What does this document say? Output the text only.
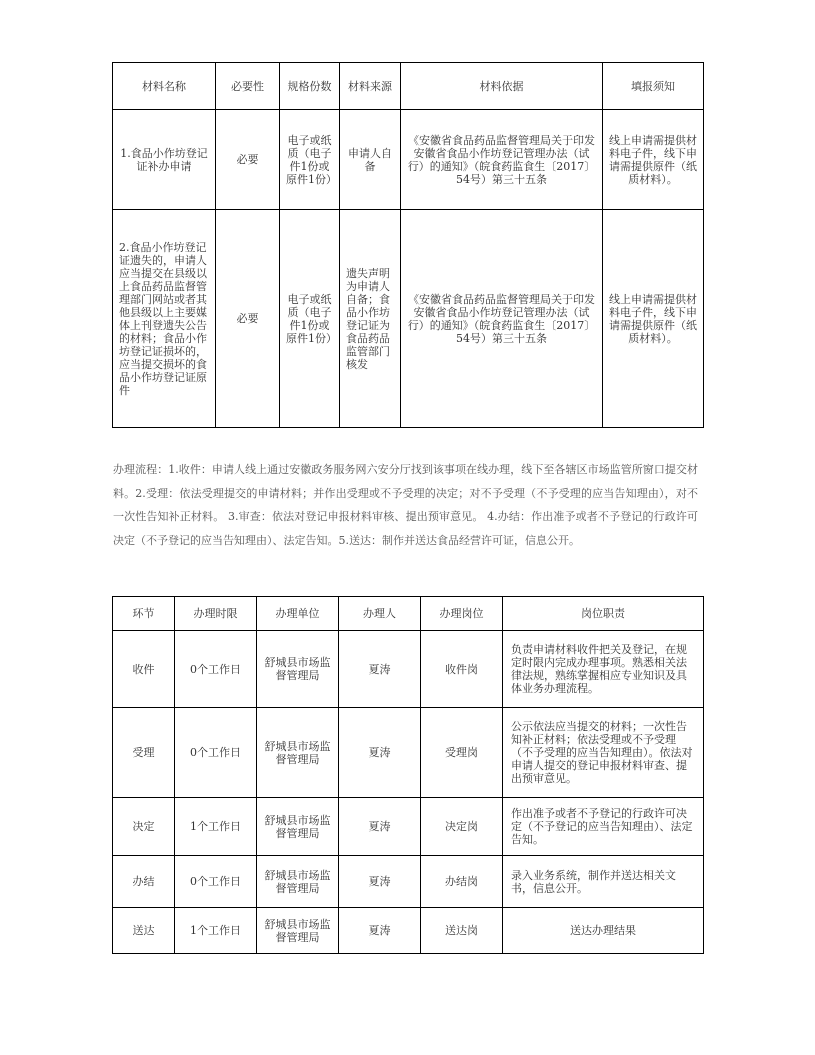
材料名称	必要性	规格份数	材料来源	材料依据	填报须知
1.食品小作坊登记证补办申请	必要	电子或纸质（电子件1份或原件1份）	申请人自备	《安徽省食品药品监督管理局关于印发安徽省食品小作坊登记管理办法（试行）的通知》（皖食药监食生〔2017〕54号）第三十五条	线上申请需提供材料电子件，线下申请需提供原件（纸质材料）。
2.食品小作坊登记证遗失的，申请人应当提交在县级以上食品药品监督管理部门网站或者其他县级以上主要媒体上刊登遗失公告的材料；食品小作坊登记证损坏的，应当提交损坏的食品小作坊登记证原件	必要	电子或纸质（电子件1份或原件1份）	遗失声明为申请人自备；食品小作坊登记证为食品药品监管部门核发	《安徽省食品药品监督管理局关于印发安徽省食品小作坊登记管理办法（试行）的通知》（皖食药监食生〔2017〕54号）第三十五条	线上申请需提供材料电子件，线下申请需提供原件（纸质材料）。

办理流程：1.收件：申请人线上通过安徽政务服务网六安分厅找到该事项在线办理，线下至各辖区市场监管所窗口提交材料。2.受理：依法受理提交的申请材料；并作出受理或不予受理的决定；对不予受理（不予受理的应当告知理由），对不一次性告知补正材料。 3.审查：依法对登记申报材料审核、提出预审意见。 4.办结：作出准予或者不予登记的行政许可决定（不予登记的应当告知理由）、法定告知。5.送达：制作并送达食品经营许可证，信息公开。

环节	办理时限	办理单位	办理人	办理岗位	岗位职责
收件	0个工作日	舒城县市场监督管理局	夏涛	收件岗	负责申请材料收件把关及登记，在规定时限内完成办理事项。熟悉相关法律法规，熟练掌握相应专业知识及具体业务办理流程。
受理	0个工作日	舒城县市场监督管理局	夏涛	受理岗	公示依法应当提交的材料；一次性告知补正材料；依法受理或不予受理（不予受理的应当告知理由）。依法对申请人提交的登记申报材料审查、提出预审意见。
决定	1个工作日	舒城县市场监督管理局	夏涛	决定岗	作出准予或者不予登记的行政许可决定（不予登记的应当告知理由）、法定告知。
办结	0个工作日	舒城县市场监督管理局	夏涛	办结岗	录入业务系统，制作并送达相关文书，信息公开。
送达	1个工作日	舒城县市场监督管理局	夏涛	送达岗	送达办理结果
